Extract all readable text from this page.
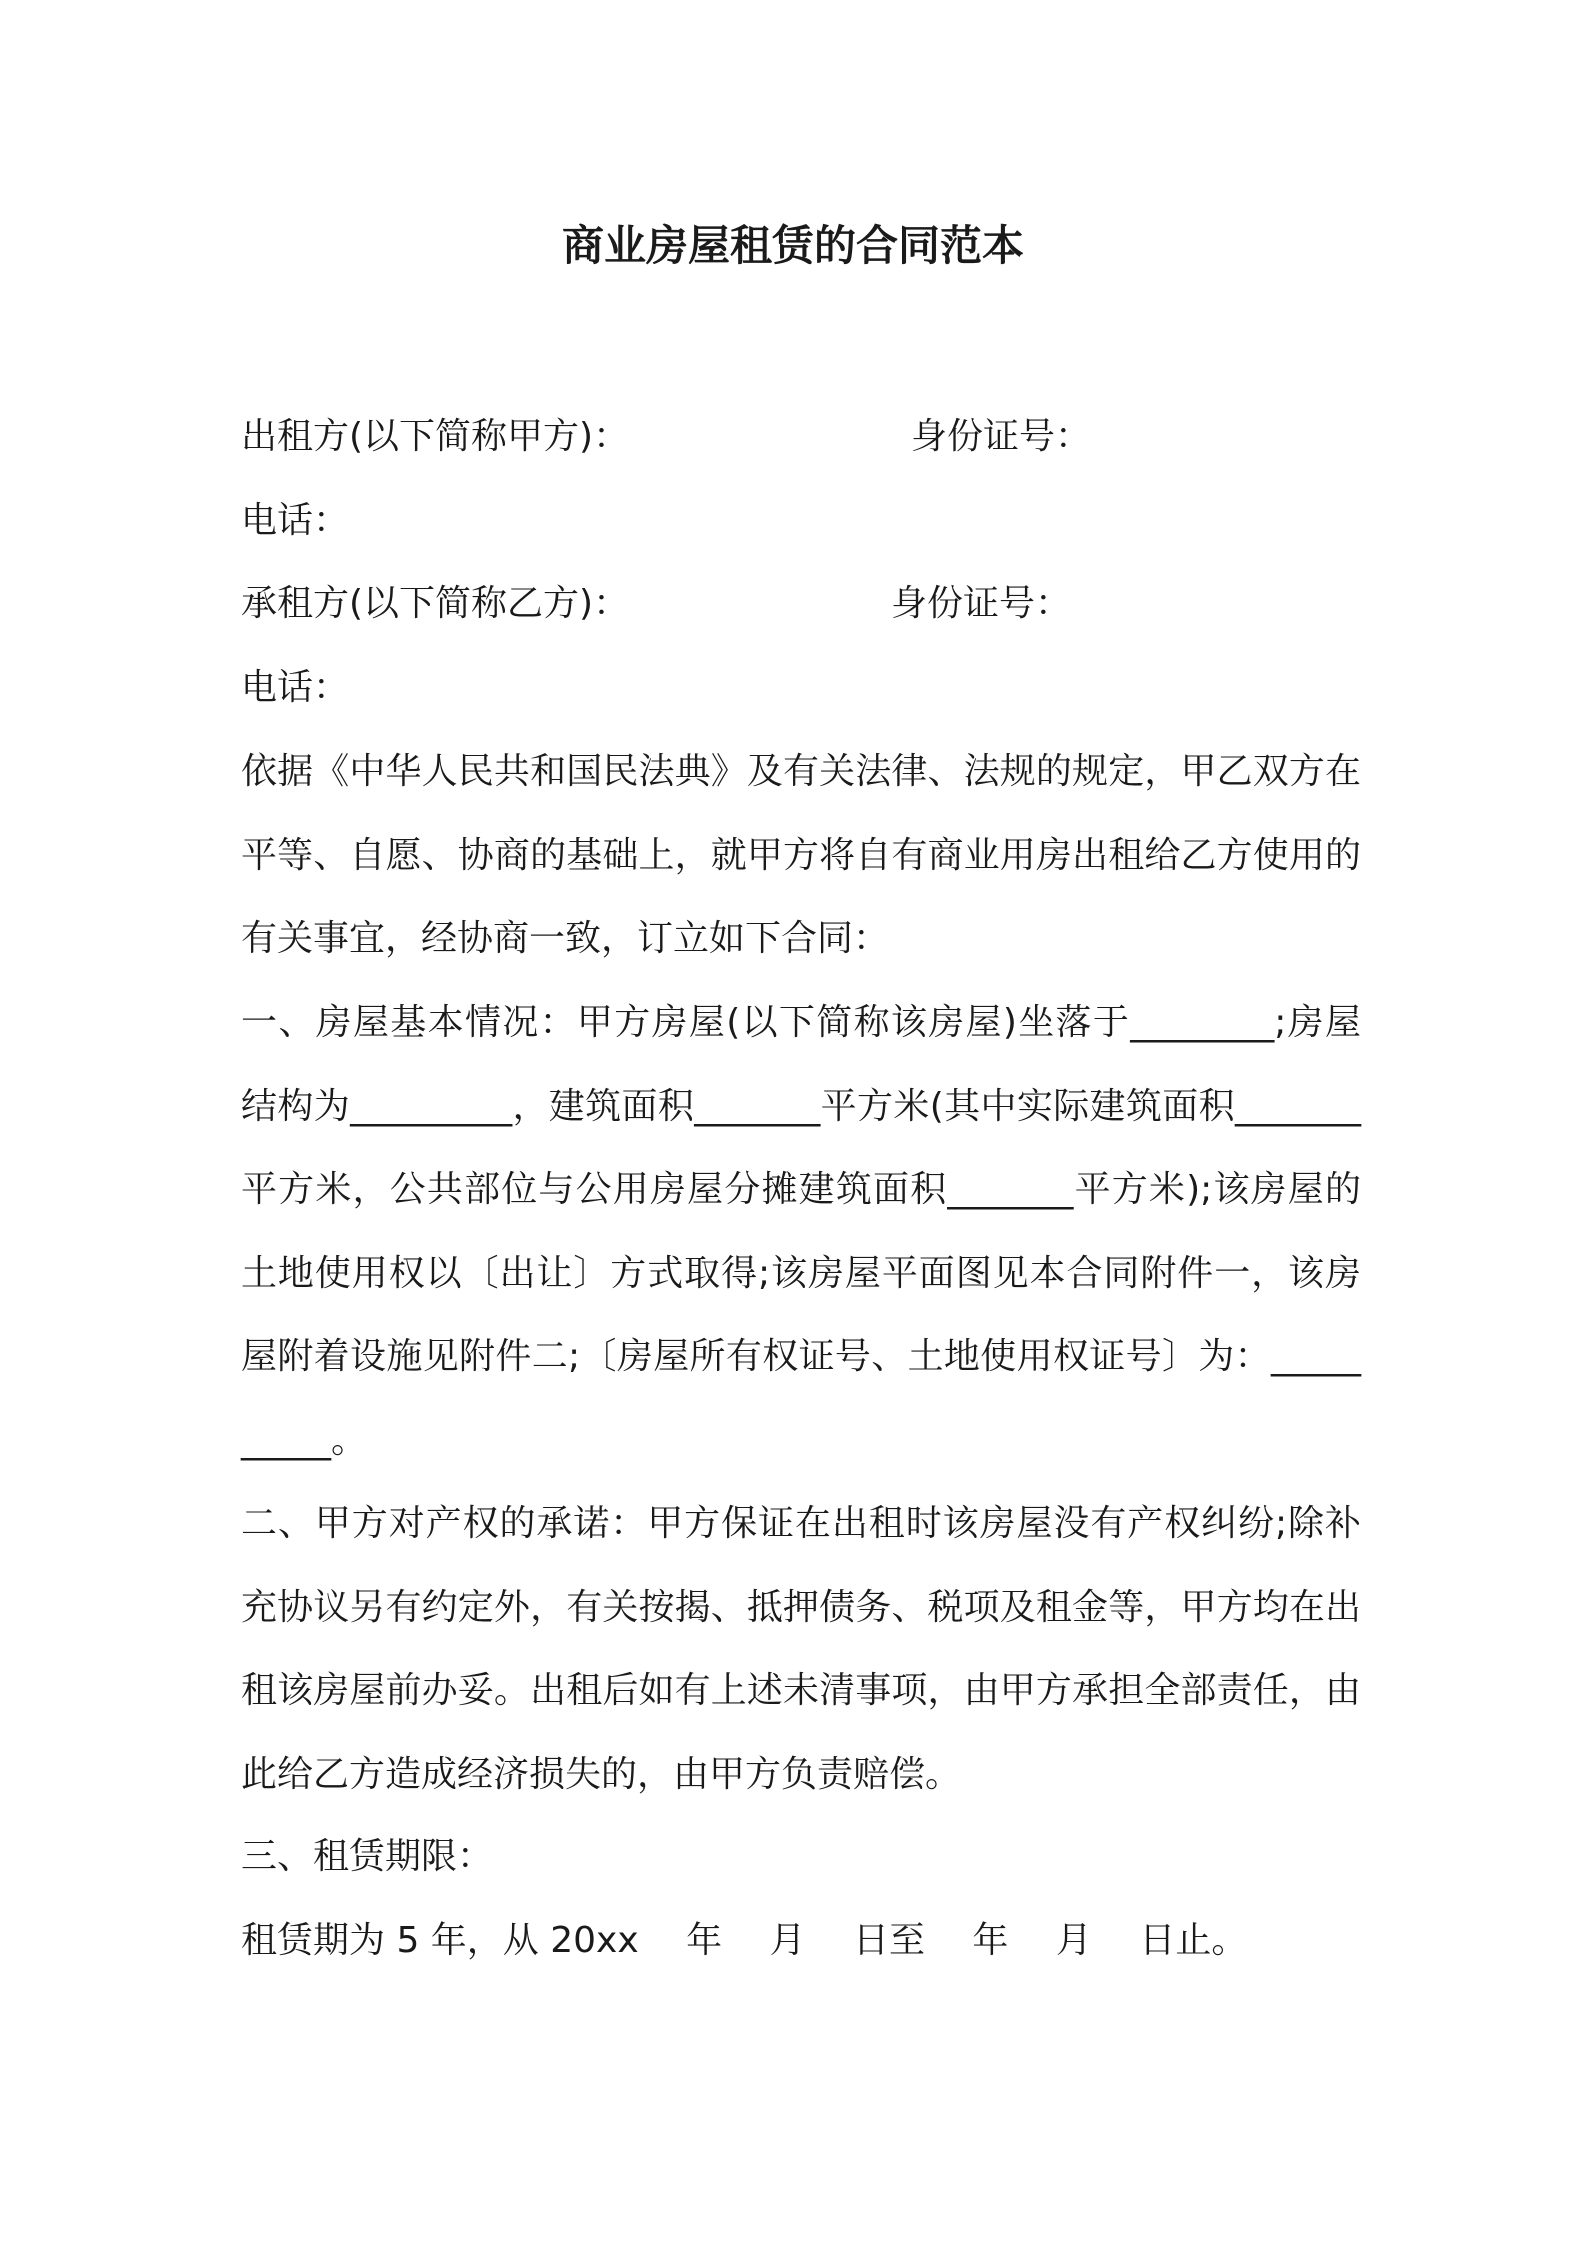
商业房屋租赁的合同范本
出租方(以下简称甲方)：	身份证号：
电话：
承租方(以下简称乙方)：	身份证号：
电话：
依据《中华人民共和国民法典》及有关法律、法规的规定，甲乙双方在平等、自愿、协商的基础上，就甲方将自有商业用房出租给乙方使用的有关事宜，经协商一致，订立如下合同：
一、房屋基本情况：甲方房屋(以下简称该房屋)坐落于________;房屋结构为_________，建筑面积_______平方米(其中实际建筑面积_______平方米，公共部位与公用房屋分摊建筑面积_______平方米);该房屋的土地使用权以〔出让〕方式取得;该房屋平面图见本合同附件一，该房屋附着设施见附件二;〔房屋所有权证号、土地使用权证号〕为：__________。
二、甲方对产权的承诺：甲方保证在出租时该房屋没有产权纠纷;除补充协议另有约定外，有关按揭、抵押债务、税项及租金等，甲方均在出租该房屋前办妥。出租后如有上述未清事项，由甲方承担全部责任，由此给乙方造成经济损失的，由甲方负责赔偿。
三、租赁期限：
租赁期为 5 年，从 20xx　 年　 月　 日至　 年　 月　 日止。
